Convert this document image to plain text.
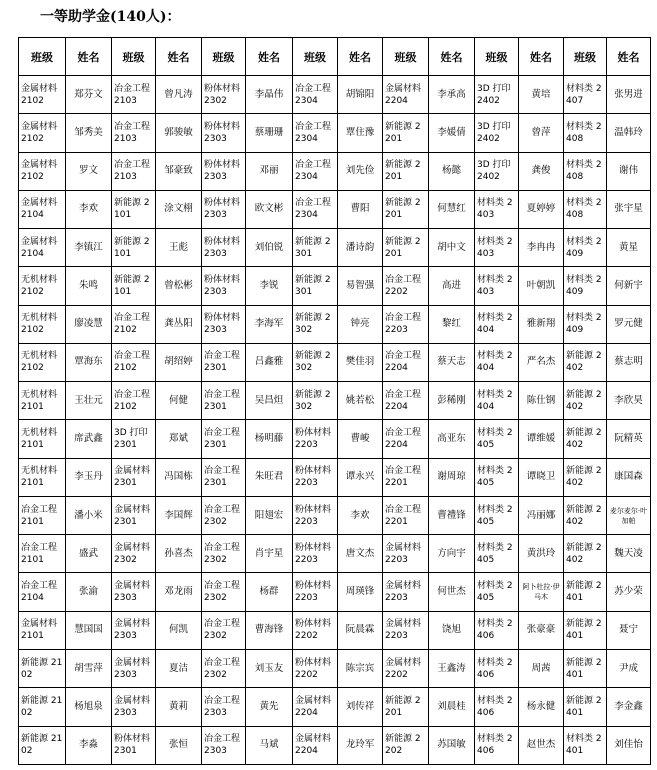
一等助学金(140人)：
班级	姓名	班级	姓名	班级	姓名	班级	姓名	班级	姓名	班级	姓名	班级	姓名
金属材料 2102	郑芬文	冶金工程 2103	曾凡涛	粉体材料 2302	李晶伟	冶金工程 2304	胡锦阳	金属材料 2204	李承高	3D 打印 2402	黄培	材料类 2407	张男进
金属材料 2102	邹秀美	冶金工程 2103	郭骏敏	粉体材料 2303	蔡珊珊	冶金工程 2304	覃住豫	新能源 2201	李媛倩	3D 打印 2402	曾萍	材料类 2408	温韩玲
金属材料 2102	罗文	冶金工程 2103	邹豪致	粉体材料 2303	邓丽	冶金工程 2304	刘先俭	新能源 2201	杨懿	3D 打印 2402	龚俊	材料类 2408	谢伟
金属材料 2104	李欢	新能源 2101	涂文栩	粉体材料 2303	欧文彬	冶金工程 2304	曹阳	新能源 2201	何慧红	材料类 2403	夏婷婷	材料类 2408	张宇星
金属材料 2104	李镇江	新能源 2101	王彪	粉体材料 2303	刘伯锐	新能源 2301	潘诗韵	新能源 2201	胡中文	材料类 2403	李冉冉	材料类 2409	黄星
无机材料 2102	朱鸣	新能源 2101	曾松彬	粉体材料 2303	李锐	新能源 2301	易智强	冶金工程 2202	高进	材料类 2403	叶朝凯	材料类 2409	何新宇
无机材料 2102	廖凌慧	冶金工程 2102	龚丛阳	粉体材料 2303	李海军	新能源 2302	钟亮	冶金工程 2203	黎红	材料类 2404	雅新翔	材料类 2409	罗元健
无机材料 2102	覃海东	冶金工程 2102	胡绍婷	冶金工程 2301	吕鑫雅	新能源 2302	樊佳羽	冶金工程 2204	蔡天志	材料类 2404	严名杰	新能源 2402	蔡志明
无机材料 2101	王壮元	冶金工程 2102	何健	冶金工程 2301	吴昌炟	新能源 2302	姚若松	冶金工程 2204	彭稀刚	材料类 2404	陈仕钢	新能源 2402	李欣昊
无机材料 2101	席武鑫	3D 打印 2301	郑斌	冶金工程 2301	杨明藤	粉体材料 2203	曹峻	冶金工程 2204	高亚东	材料类 2405	谭维媛	新能源 2402	阮精英
无机材料 2101	李玉丹	金属材料 2301	冯国栋	冶金工程 2301	朱旺君	粉体材料 2203	谭永兴	冶金工程 2201	谢周琼	材料类 2405	谭晓卫	新能源 2402	康国森
冶金工程 2101	潘小米	金属材料 2301	李国辉	冶金工程 2302	阳翅宏	粉体材料 2203	李欢	冶金工程 2201	曹禮锋	材料类 2405	冯丽娜	新能源 2402	麦尔麦尔·叶加帕
冶金工程 2101	盛武	金属材料 2302	孙喜杰	冶金工程 2302	肖宇星	粉体材料 2203	唐文杰	金属材料 2203	方向宇	材料类 2405	黄洪玲	新能源 2402	魏天凌
冶金工程 2104	张渝	金属材料 2303	邓龙雨	冶金工程 2302	杨群	粉体材料 2203	周瑛锋	金属材料 2203	何世杰	材料类 2405	阿卜杜拉·伊马木	新能源 2401	苏少荣
金属材料 2101	慧国国	金属材料 2303	何凯	冶金工程 2302	曹海锋	粉体材料 2202	阮晨霖	金属材料 2203	饶旭	材料类 2406	张豪豪	新能源 2401	聂宁
新能源 2102	胡雪萍	金属材料 2303	夏洁	冶金工程 2302	刘玉友	粉体材料 2202	陈宗宾	金属材料 2202	王鑫涛	材料类 2406	周茜	新能源 2401	尹成
新能源 2102	杨旭泉	金属材料 2303	黄莉	冶金工程 2303	黄先	金属材料 2204	刘传祥	新能源 2201	刘晨桂	材料类 2406	杨永健	新能源 2401	李金鑫
新能源 2102	李淼	粉体材料 2301	张恒	冶金工程 2303	马斌	金属材料 2204	龙玲军	新能源 2202	苏国敏	材料类 2406	赵世杰	材料类 2401	刘佳怡
